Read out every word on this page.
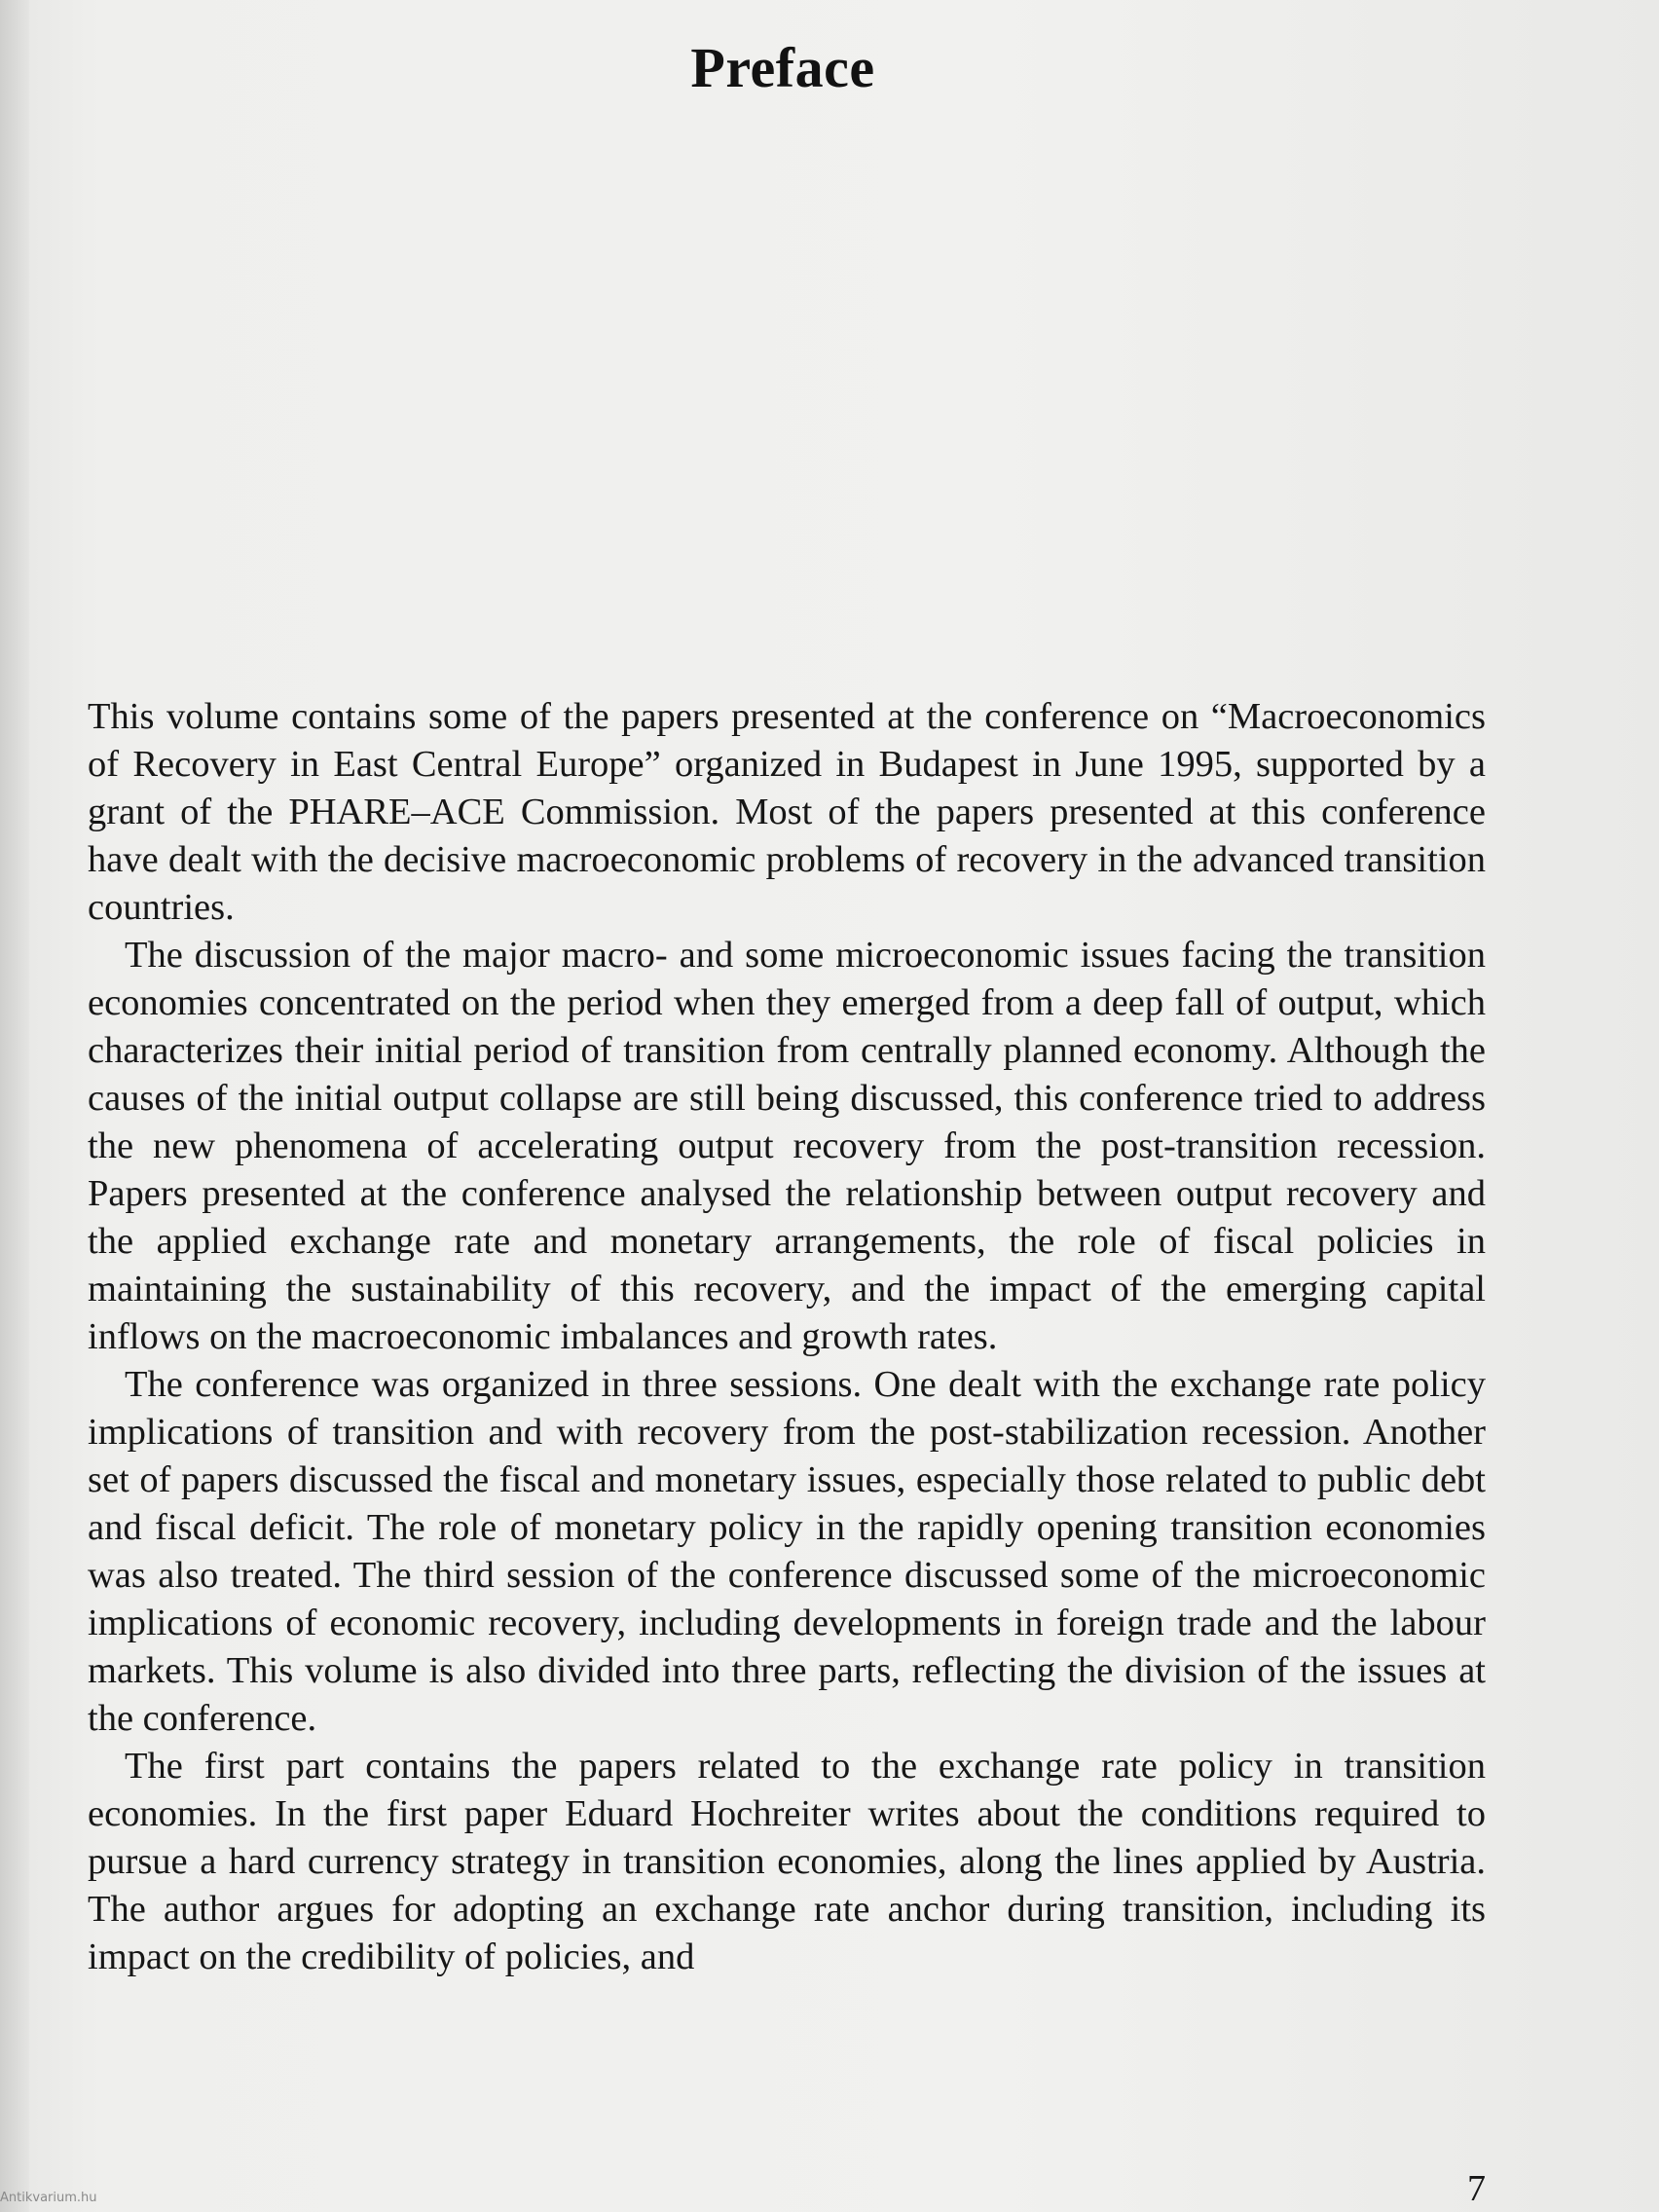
Preface

This volume contains some of the papers presented at the conference on “Macroeconomics of Recovery in East Central Europe” organized in Budapest in June 1995, supported by a grant of the PHARE–ACE Commission. Most of the papers presented at this conference have dealt with the decisive macroeconomic problems of recovery in the advanced transition countries.

The discussion of the major macro- and some microeconomic issues facing the transition economies concentrated on the period when they emerged from a deep fall of output, which characterizes their initial period of transition from centrally planned economy. Although the causes of the initial output collapse are still being discussed, this conference tried to address the new phenomena of accelerating output recovery from the post-transition recession. Papers presented at the conference analysed the relationship between output recovery and the applied exchange rate and monetary arrangements, the role of fiscal policies in maintaining the sustainability of this recovery, and the impact of the emerging capital inflows on the macroeconomic imbalances and growth rates.

The conference was organized in three sessions. One dealt with the exchange rate policy implications of transition and with recovery from the post-stabilization recession. Another set of papers discussed the fiscal and monetary issues, especially those related to public debt and fiscal deficit. The role of monetary policy in the rapidly opening transition economies was also treated. The third session of the conference discussed some of the microeconomic implications of economic recovery, including developments in foreign trade and the labour markets. This volume is also divided into three parts, reflecting the division of the issues at the conference.

The first part contains the papers related to the exchange rate policy in transition economies. In the first paper Eduard Hochreiter writes about the conditions required to pursue a hard currency strategy in transition economies, along the lines applied by Austria. The author argues for adopting an exchange rate anchor during transition, including its impact on the credibility of policies, and

7
Antikvarium.hu
